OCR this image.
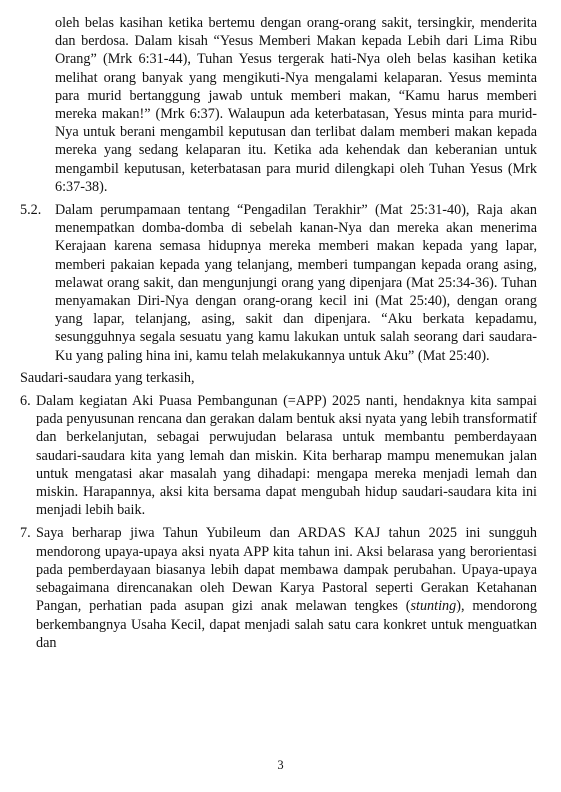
oleh belas kasihan ketika bertemu dengan orang-orang sakit, tersingkir, menderita dan berdosa. Dalam kisah “Yesus Memberi Makan kepada Lebih dari Lima Ribu Orang” (Mrk 6:31-44), Tuhan Yesus tergerak hati-Nya oleh belas kasihan ketika melihat orang banyak yang mengikuti-Nya mengalami kelaparan. Yesus meminta para murid bertanggung jawab untuk memberi makan, “Kamu harus memberi mereka makan!” (Mrk 6:37). Walaupun ada keterbatasan, Yesus minta para murid-Nya untuk berani mengambil keputusan dan terlibat dalam memberi makan kepada mereka yang sedang kelaparan itu. Ketika ada kehendak dan keberanian untuk mengambil keputusan, keterbatasan para murid dilengkapi oleh Tuhan Yesus (Mrk 6:37-38).

5.2. Dalam perumpamaan tentang “Pengadilan Terakhir” (Mat 25:31-40), Raja akan menempatkan domba-domba di sebelah kanan-Nya dan mereka akan menerima Kerajaan karena semasa hidupnya mereka memberi makan kepada yang lapar, memberi pakaian kepada yang telanjang, memberi tumpangan kepada orang asing, melawat orang sakit, dan mengunjungi orang yang dipenjara (Mat 25:34-36). Tuhan menyamakan Diri-Nya dengan orang-orang kecil ini (Mat 25:40), dengan orang yang lapar, telanjang, asing, sakit dan dipenjara. “Aku berkata kepadamu, sesungguhnya segala sesuatu yang kamu lakukan untuk salah seorang dari saudara-Ku yang paling hina ini, kamu telah melakukannya untuk Aku” (Mat 25:40).

Saudari-saudara yang terkasih,

6. Dalam kegiatan Aki Puasa Pembangunan (=APP) 2025 nanti, hendaknya kita sampai pada penyusunan rencana dan gerakan dalam bentuk aksi nyata yang lebih transformatif dan berkelanjutan, sebagai perwujudan belarasa untuk membantu pemberdayaan saudari-saudara kita yang lemah dan miskin. Kita berharap mampu menemukan jalan untuk mengatasi akar masalah yang dihadapi: mengapa mereka menjadi lemah dan miskin. Harapannya, aksi kita bersama dapat mengubah hidup saudari-saudara kita ini menjadi lebih baik.

7. Saya berharap jiwa Tahun Yubileum dan ARDAS KAJ tahun 2025 ini sungguh mendorong upaya-upaya aksi nyata APP kita tahun ini. Aksi belarasa yang berorientasi pada pemberdayaan biasanya lebih dapat membawa dampak perubahan. Upaya-upaya sebagaimana direncanakan oleh Dewan Karya Pastoral seperti Gerakan Ketahanan Pangan, perhatian pada asupan gizi anak melawan tengkes (stunting), mendorong berkembangnya Usaha Kecil, dapat menjadi salah satu cara konkret untuk menguatkan dan

3
